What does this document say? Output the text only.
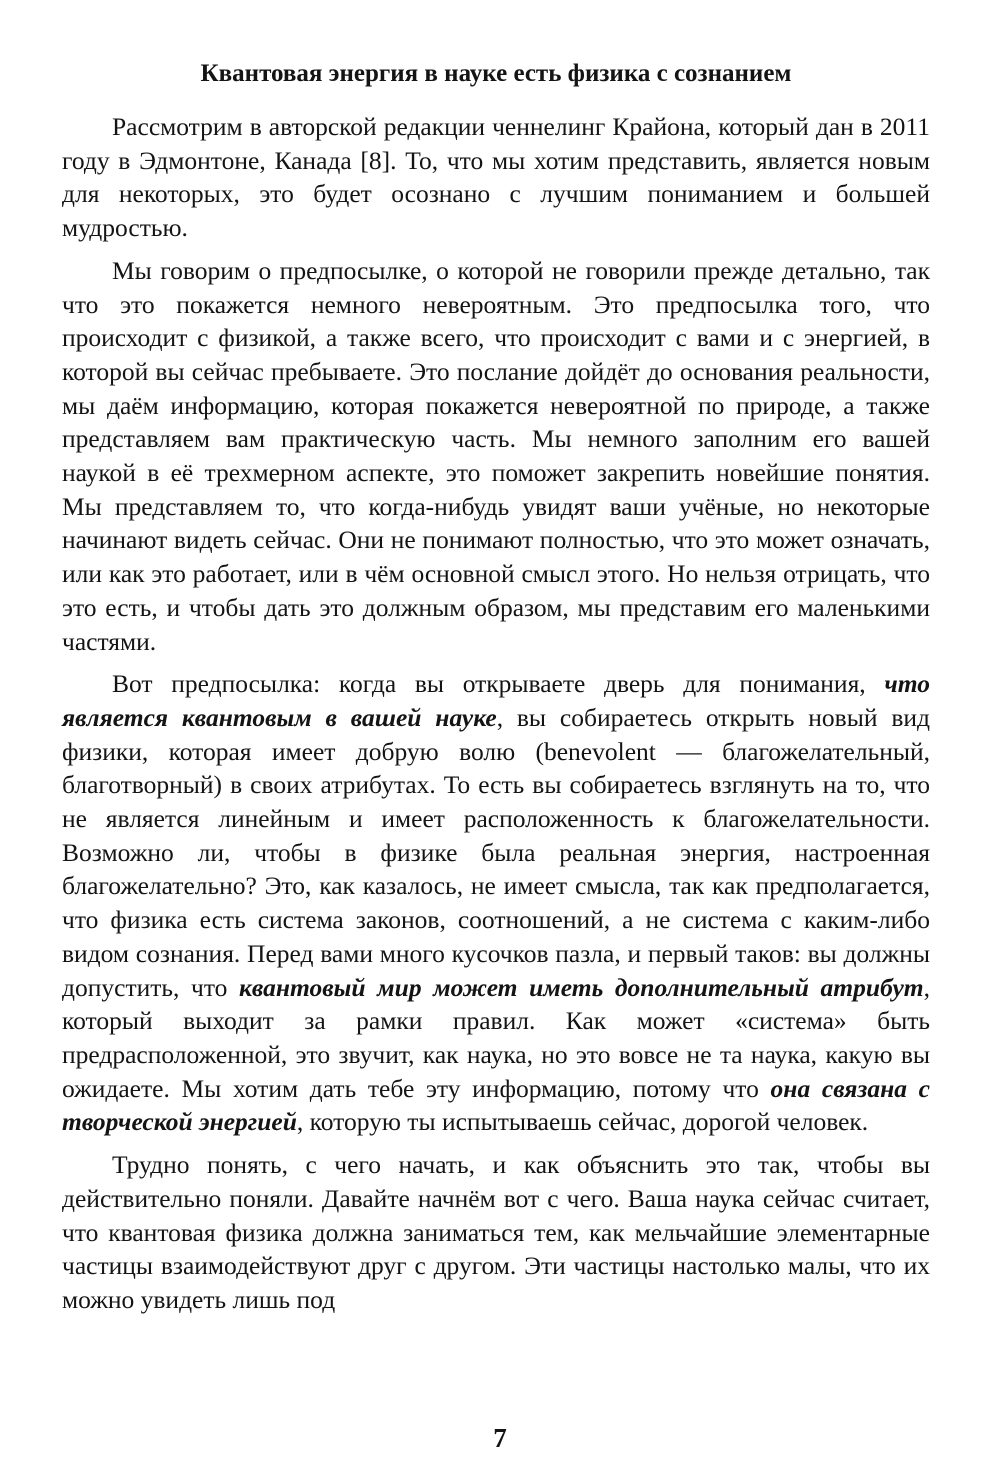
Квантовая энергия в науке есть физика с сознанием

Рассмотрим в авторской редакции ченнелинг Крайона, который дан в 2011 году в Эдмонтоне, Канада [8]. То, что мы хотим представить, является новым для некоторых, это будет осознано с лучшим пониманием и большей мудростью.

Мы говорим о предпосылке, о которой не говорили прежде детально, так что это покажется немного невероятным. Это предпосылка того, что происходит с физикой, а также всего, что происходит с вами и с энергией, в которой вы сейчас пребываете. Это послание дойдёт до основания реальности, мы даём информацию, которая покажется невероятной по природе, а также представляем вам практическую часть. Мы немного заполним его вашей наукой в её трехмерном аспекте, это поможет закрепить новейшие понятия. Мы представляем то, что когда-нибудь увидят ваши учёные, но некоторые начинают видеть сейчас. Они не понимают полностью, что это может означать, или как это работает, или в чём основной смысл этого. Но нельзя отрицать, что это есть, и чтобы дать это должным образом, мы представим его маленькими частями.

Вот предпосылка: когда вы открываете дверь для понимания, что является квантовым в вашей науке, вы собираетесь открыть новый вид физики, которая имеет добрую волю (benevolent — благожелательный, благотворный) в своих атрибутах. То есть вы собираетесь взглянуть на то, что не является линейным и имеет расположенность к благожелательности. Возможно ли, чтобы в физике была реальная энергия, настроенная благожелательно? Это, как казалось, не имеет смысла, так как предполагается, что физика есть система законов, соотношений, а не система с каким-либо видом сознания. Перед вами много кусочков пазла, и первый таков: вы должны допустить, что квантовый мир может иметь дополнительный атрибут, который выходит за рамки правил. Как может «система» быть предрасположенной, это звучит, как наука, но это вовсе не та наука, какую вы ожидаете. Мы хотим дать тебе эту информацию, потому что она связана с творческой энергией, которую ты испытываешь сейчас, дорогой человек.

Трудно понять, с чего начать, и как объяснить это так, чтобы вы действительно поняли. Давайте начнём вот с чего. Ваша наука сейчас считает, что квантовая физика должна заниматься тем, как мельчайшие элементарные частицы взаимодействуют друг с другом. Эти частицы настолько малы, что их можно увидеть лишь под

7
